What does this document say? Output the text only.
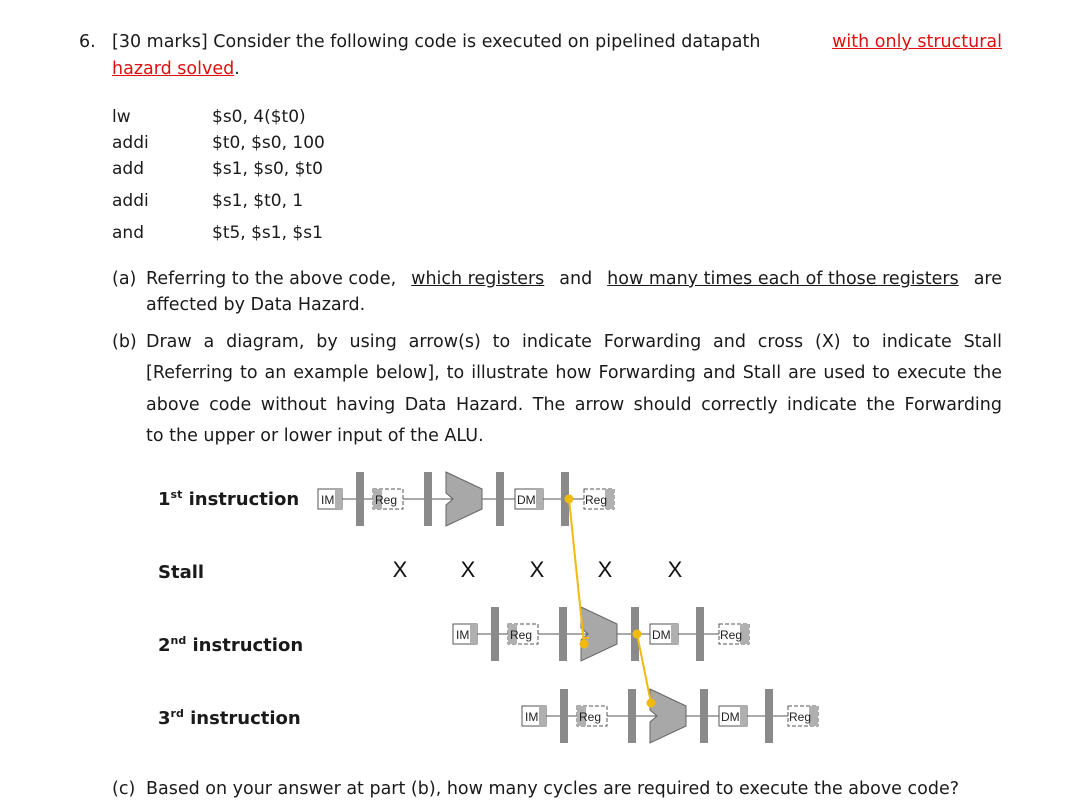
6. [30 marks] Consider the following code is executed on pipelined datapath	with only structural
hazard solved.
lw	$s0, 4($t0)
addi	$t0, $s0, 100
add	$s1, $s0, $t0
addi	$s1, $t0, 1
and	$t5, $s1, $s1
(a) Referring to the above code, which registers and how many times each of those registers are
affected by Data Hazard.
(b) Draw a diagram, by using arrow(s) to indicate Forwarding and cross (X) to indicate Stall
[Referring to an example below], to illustrate how Forwarding and Stall are used to execute the
above code without having Data Hazard. The arrow should correctly indicate the Forwarding
to the upper or lower input of the ALU.
1st instruction
Stall
2nd instruction
3rd instruction
IM	Reg	DM	Reg
IM	Reg	DM	Reg
IM	Reg	DM	Reg
X X X X	X
(c) Based on your answer at part (b), how many cycles are required to execute the above code?
